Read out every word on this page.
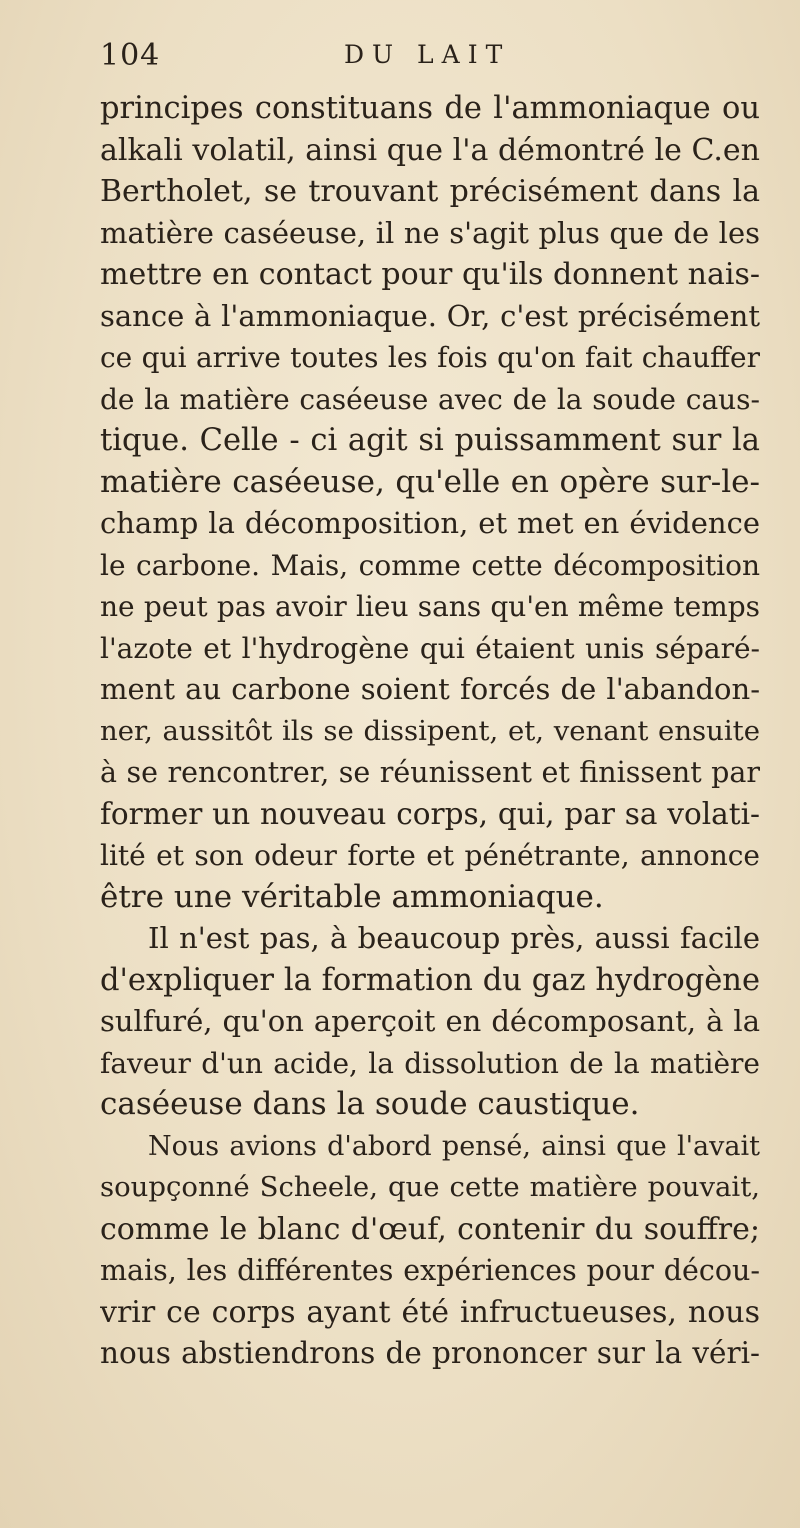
104	DU LAIT
principes constituans de l'ammoniaque ou
alkali volatil, ainsi que l'a démontré le C.en
Bertholet, se trouvant précisément dans la
matière caséeuse, il ne s'agit plus que de les
mettre en contact pour qu'ils donnent nais-
sance à l'ammoniaque. Or, c'est précisément
ce qui arrive toutes les fois qu'on fait chauffer
de la matière caséeuse avec de la soude caus-
tique. Celle - ci agit si puissamment sur la
matière caséeuse, qu'elle en opère sur-le-
champ la décomposition, et met en évidence
le carbone. Mais, comme cette décomposition
ne peut pas avoir lieu sans qu'en même temps
l'azote et l'hydrogène qui étaient unis séparé-
ment au carbone soient forcés de l'abandon-
ner, aussitôt ils se dissipent, et, venant ensuite
à se rencontrer, se réunissent et finissent par
former un nouveau corps, qui, par sa volati-
lité et son odeur forte et pénétrante, annonce
être une véritable ammoniaque.
Il n'est pas, à beaucoup près, aussi facile
d'expliquer la formation du gaz hydrogène
sulfuré, qu'on aperçoit en décomposant, à la
faveur d'un acide, la dissolution de la matière
caséeuse dans la soude caustique.
Nous avions d'abord pensé, ainsi que l'avait
soupçonné Scheele, que cette matière pouvait,
comme le blanc d'œuf, contenir du souffre;
mais, les différentes expériences pour décou-
vrir ce corps ayant été infructueuses, nous
nous abstiendrons de prononcer sur la véri-
